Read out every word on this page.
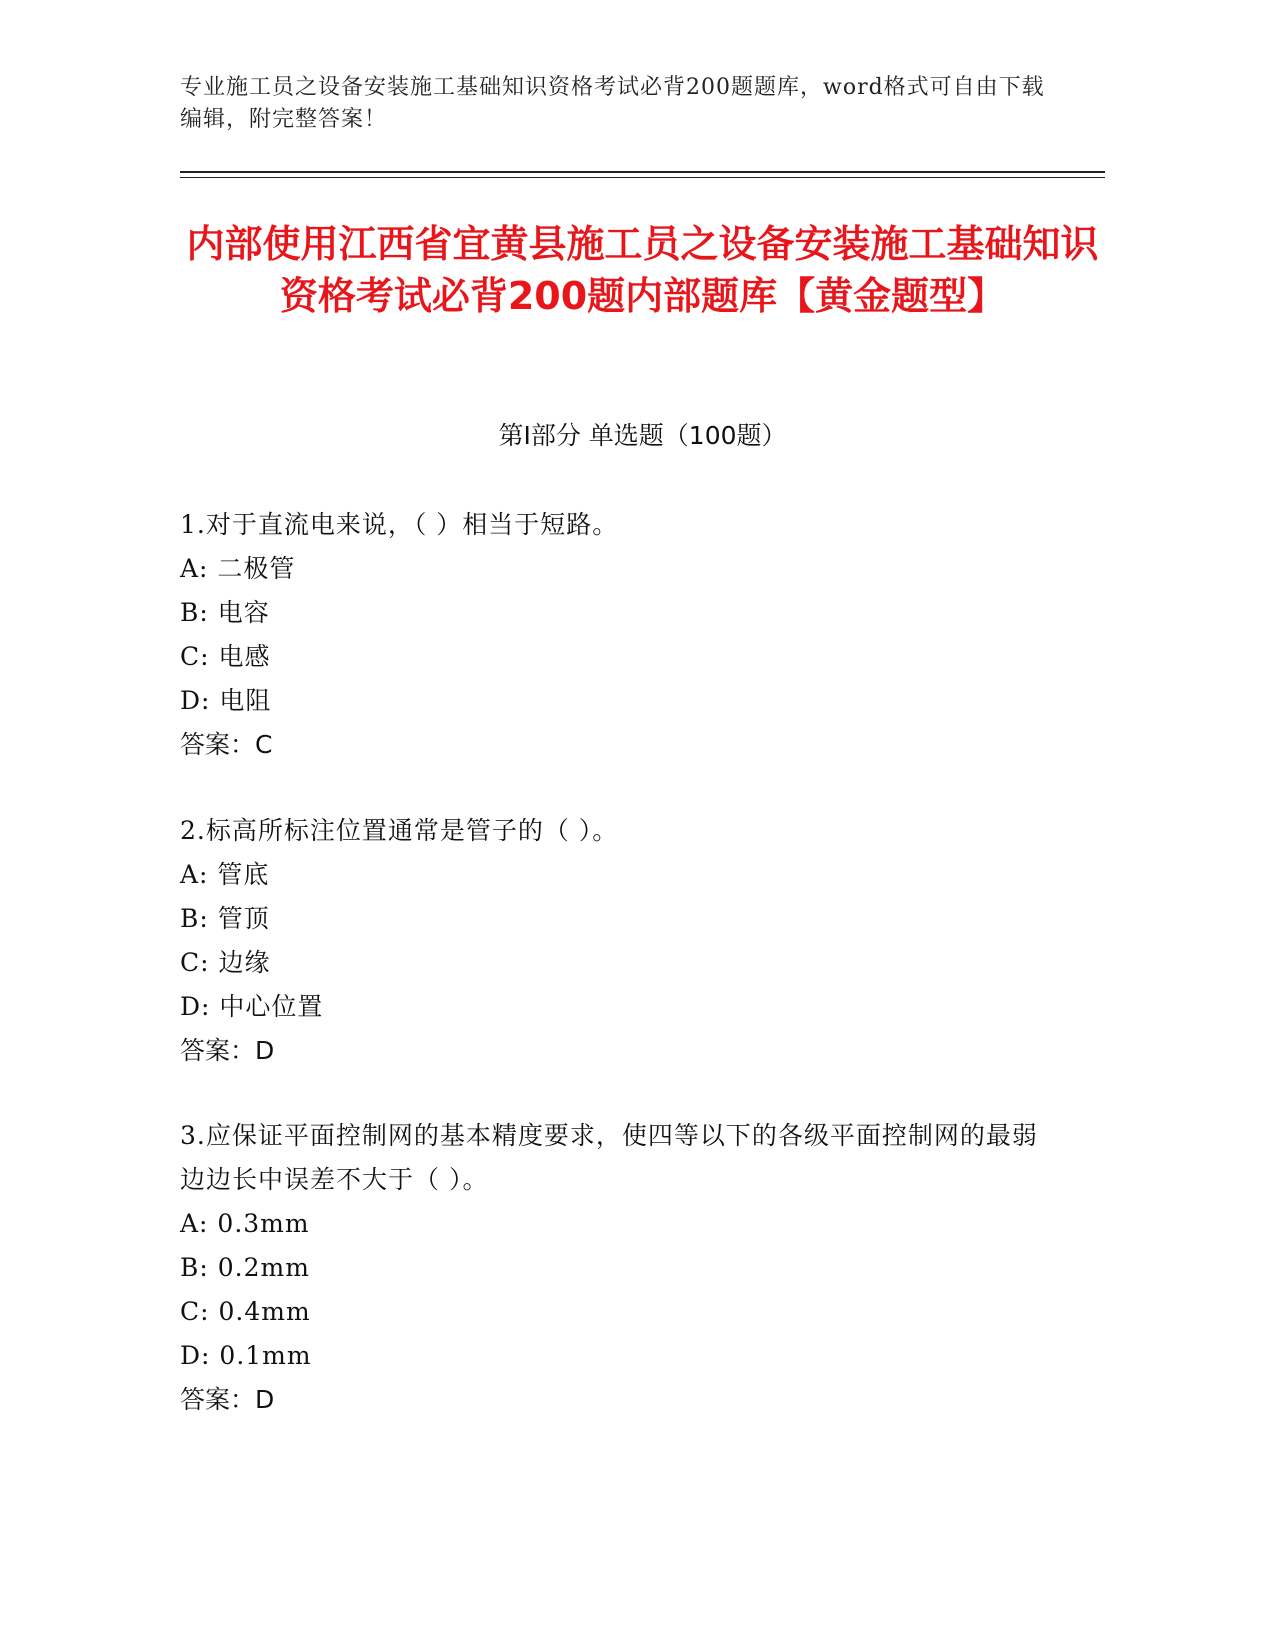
专业施工员之设备安装施工基础知识资格考试必背200题题库，word格式可自由下载编辑，附完整答案！
内部使用江西省宜黄县施工员之设备安装施工基础知识资格考试必背200题内部题库【黄金题型】
第I部分 单选题（100题）

1.对于直流电来说，（ ）相当于短路。

A: 二极管

B: 电容

C: 电感

D: 电阻

答案：C

2.标高所标注位置通常是管子的（ ）。

A: 管底

B: 管顶

C: 边缘

D: 中心位置

答案：D

3.应保证平面控制网的基本精度要求，使四等以下的各级平面控制网的最弱边边长中误差不大于（ ）。

A: 0.3mm

B: 0.2mm

C: 0.4mm

D: 0.1mm

答案：D
